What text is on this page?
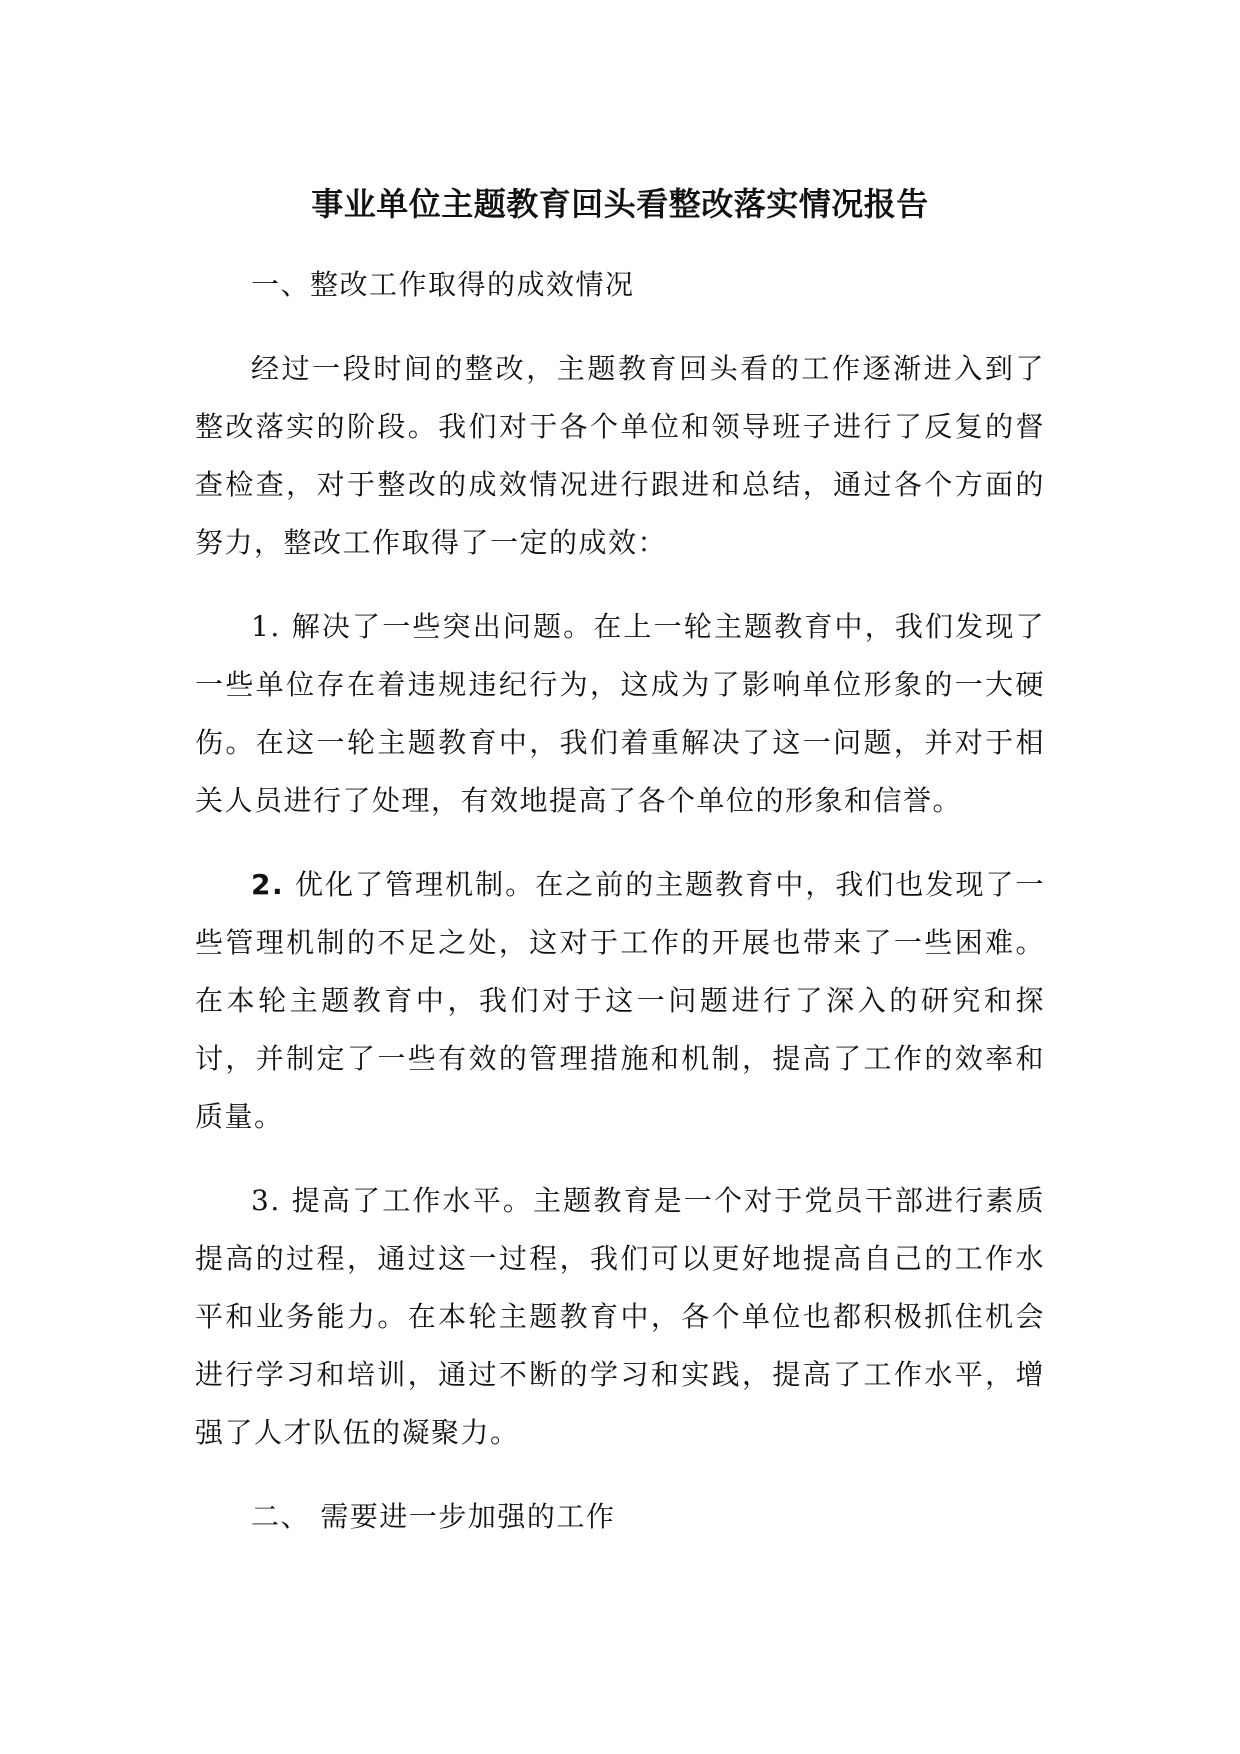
事业单位主题教育回头看整改落实情况报告

一、整改工作取得的成效情况

经过一段时间的整改，主题教育回头看的工作逐渐进入到了整改落实的阶段。我们对于各个单位和领导班子进行了反复的督查检查，对于整改的成效情况进行跟进和总结，通过各个方面的努力，整改工作取得了一定的成效：

1. 解决了一些突出问题。在上一轮主题教育中，我们发现了一些单位存在着违规违纪行为，这成为了影响单位形象的一大硬伤。在这一轮主题教育中，我们着重解决了这一问题，并对于相关人员进行了处理，有效地提高了各个单位的形象和信誉。

2. 优化了管理机制。在之前的主题教育中，我们也发现了一些管理机制的不足之处，这对于工作的开展也带来了一些困难。在本轮主题教育中，我们对于这一问题进行了深入的研究和探讨，并制定了一些有效的管理措施和机制，提高了工作的效率和质量。

3. 提高了工作水平。主题教育是一个对于党员干部进行素质提高的过程，通过这一过程，我们可以更好地提高自己的工作水平和业务能力。在本轮主题教育中，各个单位也都积极抓住机会进行学习和培训，通过不断的学习和实践，提高了工作水平，增强了人才队伍的凝聚力。

二、 需要进一步加强的工作
